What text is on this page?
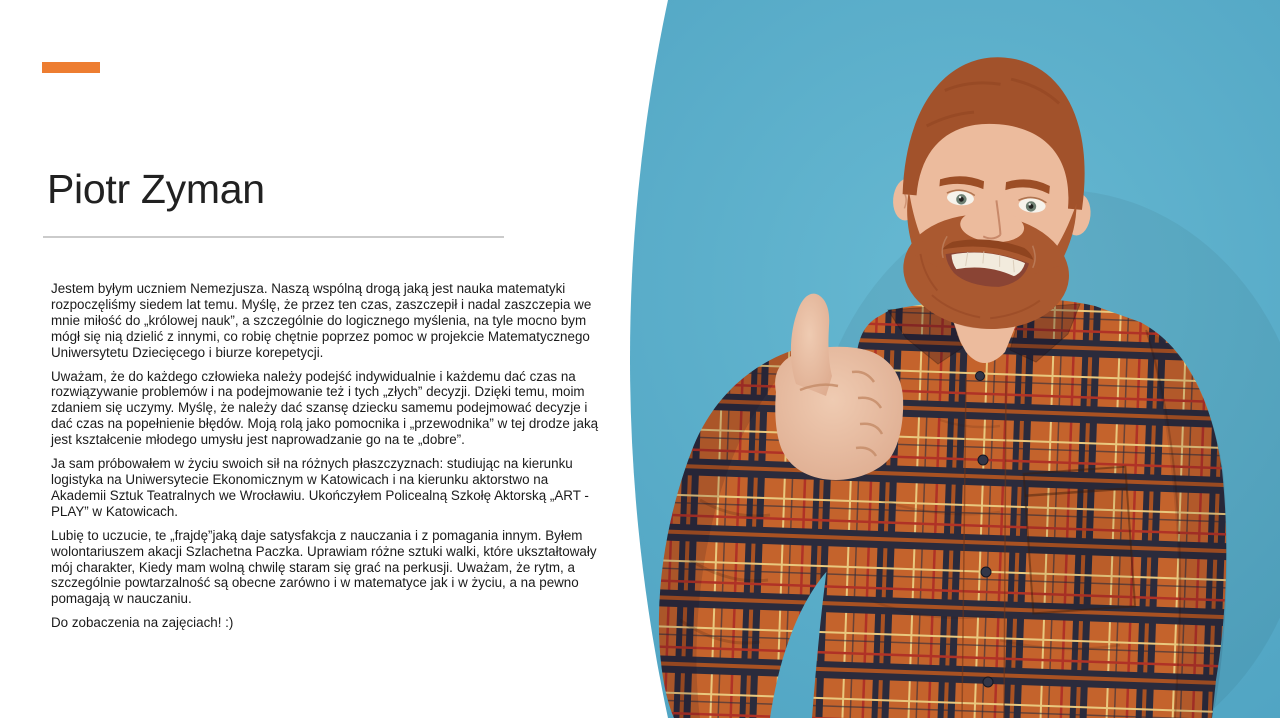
Piotr Zyman

Jestem byłym uczniem Nemezjusza. Naszą wspólną drogą jaką jest nauka matematyki rozpoczęliśmy siedem lat temu. Myślę, że przez ten czas, zaszczepił i nadal zaszczepia we mnie miłość do „królowej nauk”, a szczególnie do logicznego myślenia, na tyle mocno bym mógł się nią dzielić z innymi, co robię chętnie poprzez pomoc w projekcie Matematycznego Uniwersytetu Dziecięcego i biurze korepetycji.

Uważam, że do każdego człowieka należy podejść indywidualnie i każdemu dać czas na rozwiązywanie problemów i na podejmowanie też i tych „złych” decyzji. Dzięki temu, moim zdaniem się uczymy. Myślę, że należy dać szansę dziecku samemu podejmować decyzje i dać czas na popełnienie błędów. Moją rolą jako pomocnika i „przewodnika” w tej drodze jaką jest kształcenie młodego umysłu jest naprowadzanie go na te „dobre”.

Ja sam próbowałem w życiu swoich sił na różnych płaszczyznach: studiując na kierunku logistyka na Uniwersytecie Ekonomicznym w Katowicach i na kierunku aktorstwo na Akademii Sztuk Teatralnych we Wrocławiu. Ukończyłem Policealną Szkołę Aktorską „ART - PLAY” w Katowicach.

Lubię to uczucie, te „frajdę”jaką daje satysfakcja z nauczania i z pomagania innym. Byłem wolontariuszem akacji Szlachetna Paczka. Uprawiam różne sztuki walki, które ukształtowały mój charakter, Kiedy mam wolną chwilę staram się grać na perkusji. Uważam, że rytm, a szczególnie powtarzalność są obecne zarówno i w matematyce jak i w życiu, a na pewno pomagają w nauczaniu.

Do zobaczenia na zajęciach! :)
